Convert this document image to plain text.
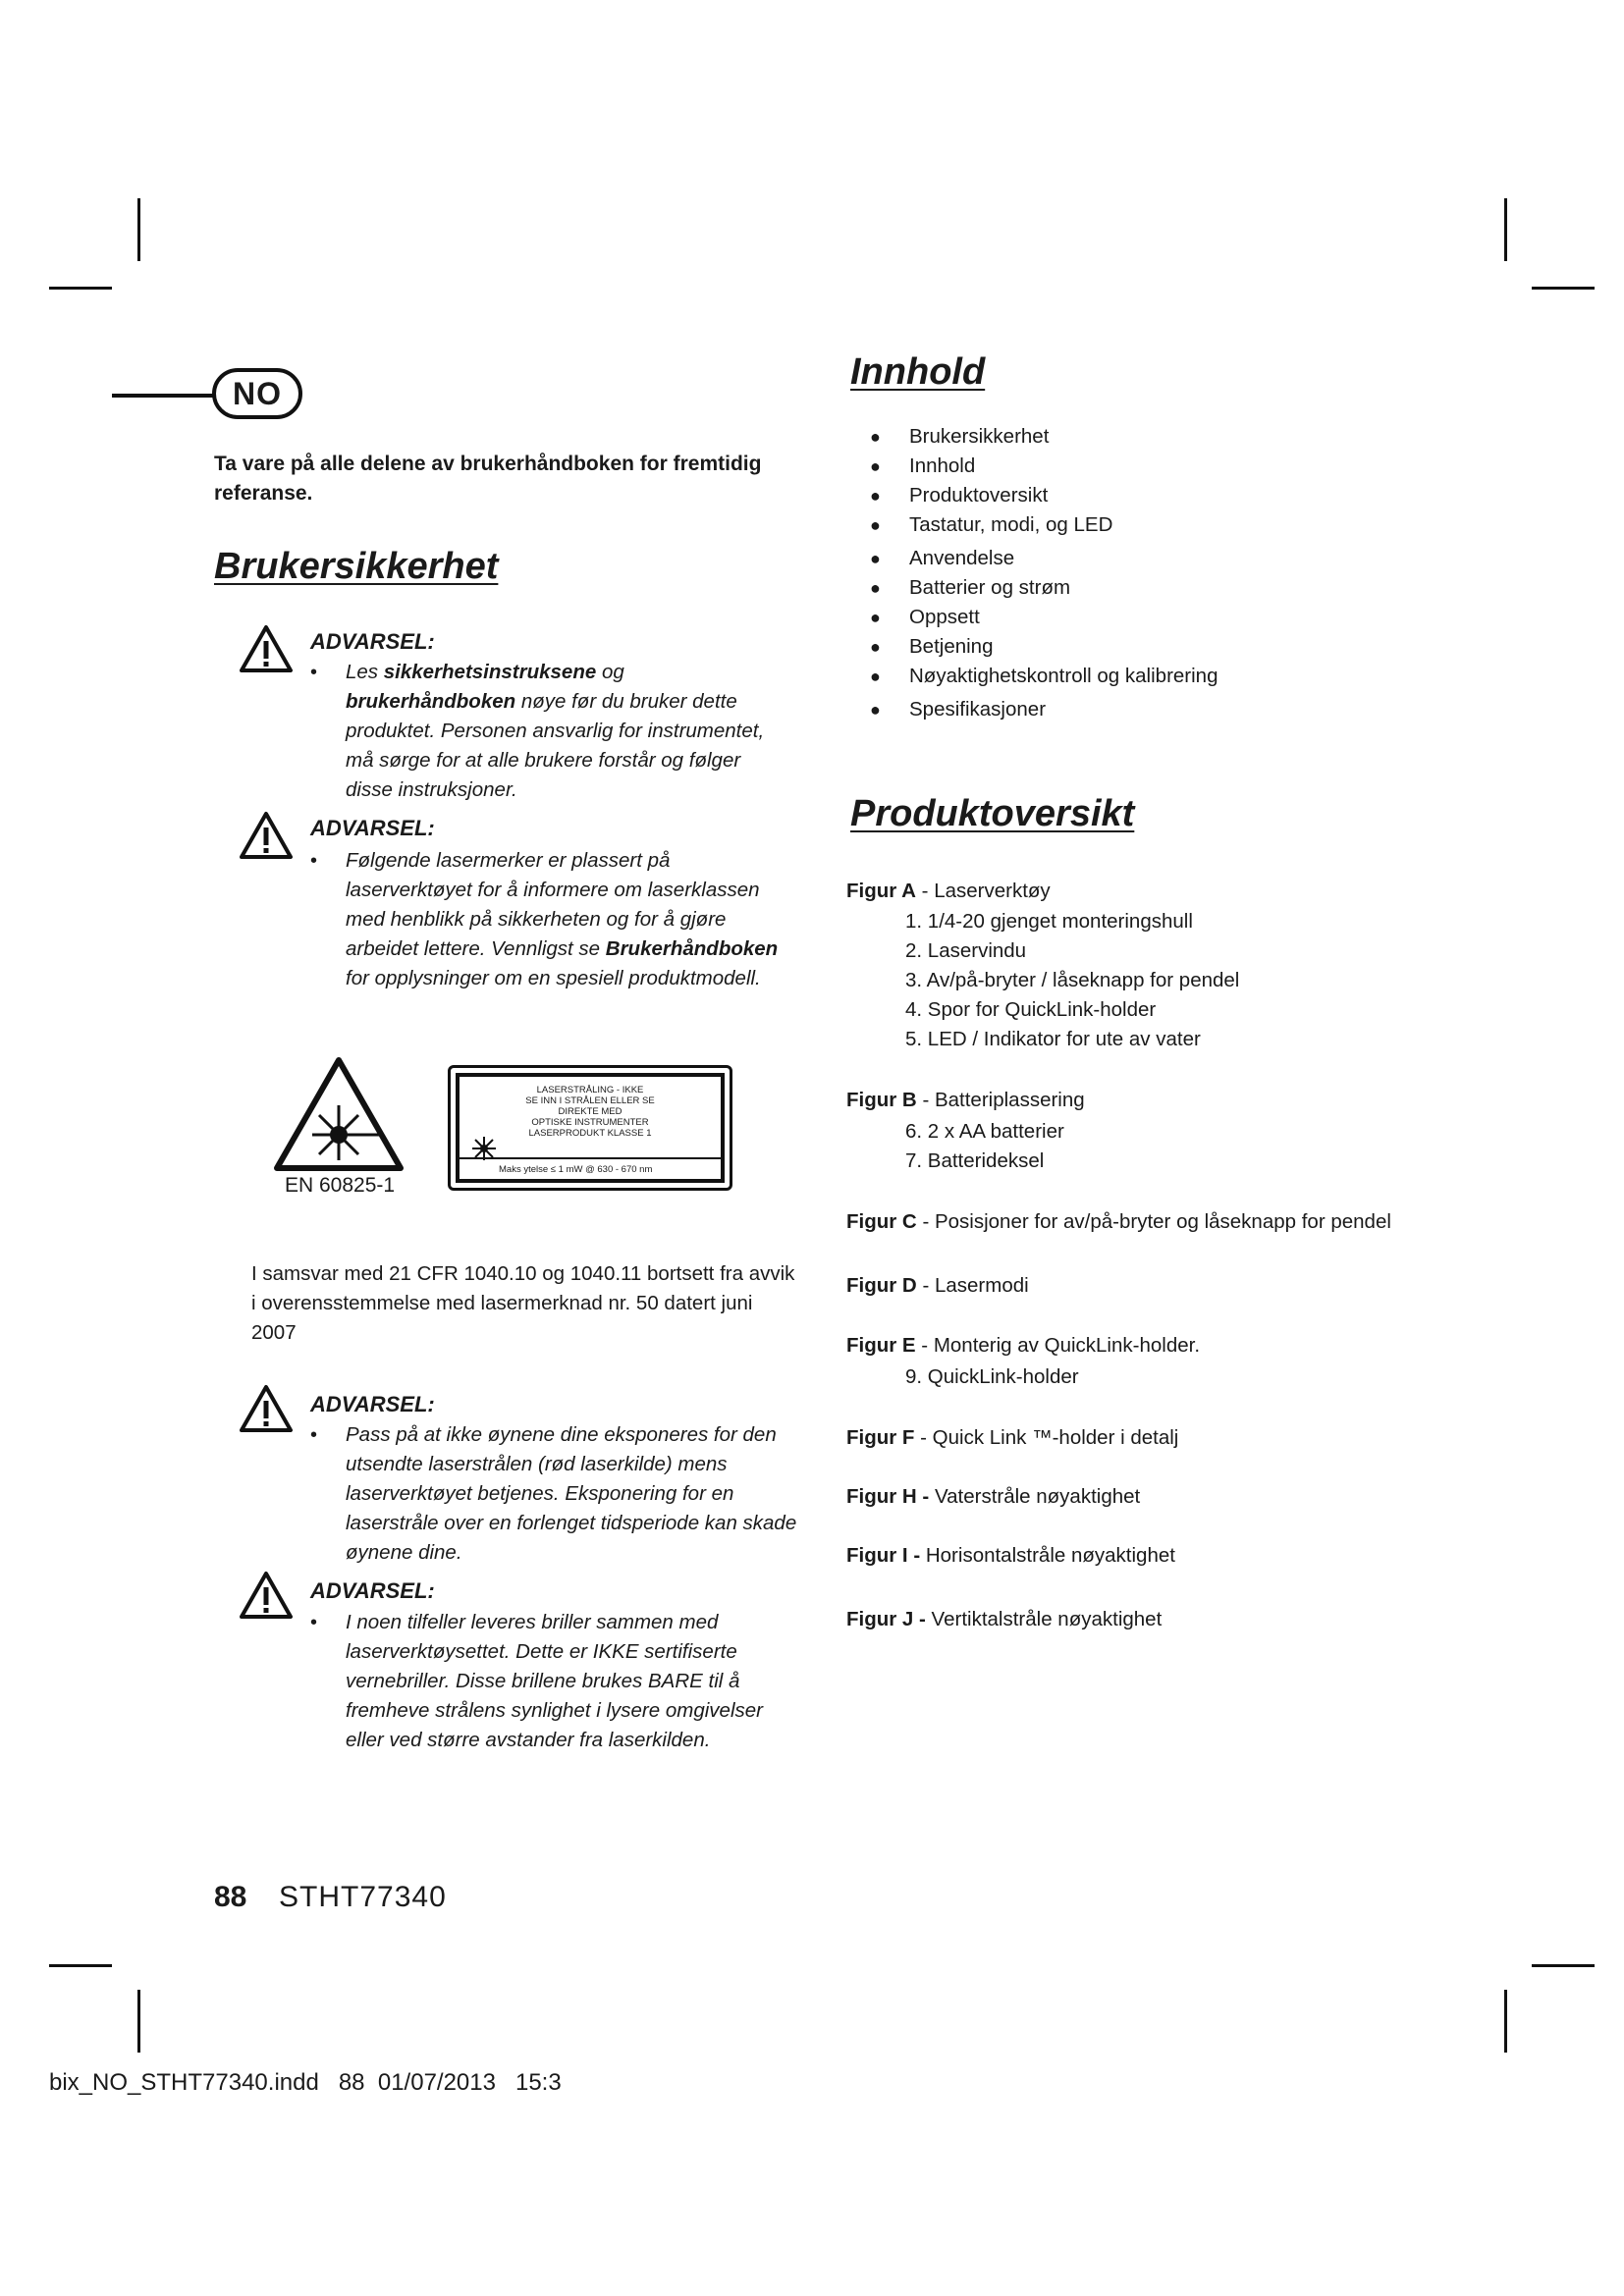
NO
Ta vare på alle delene av brukerhåndboken for fremtidig referanse.
Brukersikkerhet
ADVARSEL:
• Les sikkerhetsinstruksene og brukerhåndboken nøye før du bruker dette produktet. Personen ansvarlig for instrumentet, må sørge for at alle brukere forstår og følger disse instruksjoner.
ADVARSEL:
• Følgende lasermerker er plassert på laserverktøyet for å informere om laserklassen med henblikk på sikkerheten og for å gjøre arbeidet lettere. Vennligst se Brukerhåndboken for opplysninger om en spesiell produktmodell.
EN 60825-1
LASERSTRÅLING - IKKE
SE INN I STRÅLEN ELLER SE
DIREKTE MED
OPTISKE INSTRUMENTER
LASERPRODUKT KLASSE 1
Maks ytelse ≤ 1 mW @ 630 - 670 nm
I samsvar med 21 CFR 1040.10 og 1040.11 bortsett fra avvik i overensstemmelse med lasermerknad nr. 50 datert juni 2007
ADVARSEL:
• Pass på at ikke øynene dine eksponeres for den utsendte laserstrålen (rød laserkilde) mens laserverktøyet betjenes. Eksponering for en laserstråle over en forlenget tidsperiode kan skade øynene dine.
ADVARSEL:
• I noen tilfeller leveres briller sammen med laserverktøysettet. Dette er IKKE sertifiserte vernebriller. Disse brillene brukes BARE til å fremheve strålens synlighet i lysere omgivelser eller ved større avstander fra laserkilden.
Innhold
● Brukersikkerhet
● Innhold
● Produktoversikt
● Tastatur, modi, og LED
● Anvendelse
● Batterier og strøm
● Oppsett
● Betjening
● Nøyaktighetskontroll og kalibrering
● Spesifikasjoner
Produktoversikt
Figur A - Laserverktøy
1. 1/4-20 gjenget monteringshull
2. Laservindu
3. Av/på-bryter / låseknapp for pendel
4. Spor for QuickLink-holder
5. LED / Indikator for ute av vater
Figur B - Batteriplassering
6. 2 x AA batterier
7. Batterideksel
Figur C - Posisjoner for av/på-bryter og låseknapp for pendel
Figur D - Lasermodi
Figur E - Monterig av QuickLink-holder.
9. QuickLink-holder
Figur F - Quick Link ™-holder i detalj
Figur H - Vaterstråle nøyaktighet
Figur I - Horisontalstråle nøyaktighet
Figur J - Vertiktalstråle nøyaktighet
88 STHT77340
bix_NO_STHT77340.indd   88  01/07/2013   15:3
